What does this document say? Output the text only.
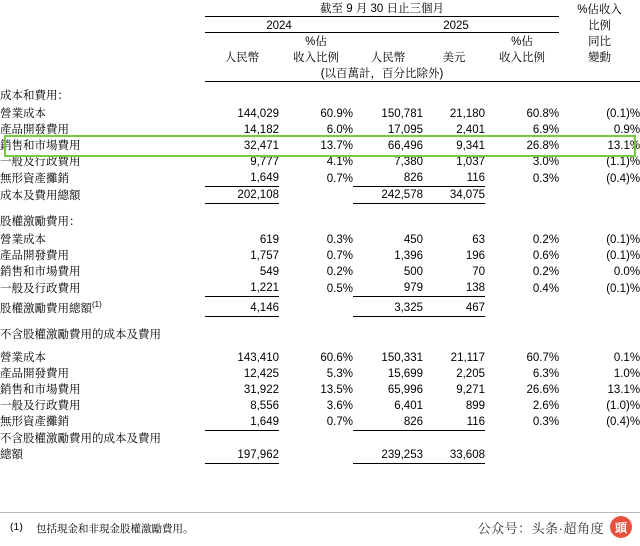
	截至 9 月 30 日止三個月					%佔收入
	2024		2025			比例
		%佔			%佔	同比
	人民幣	收入比例	人民幣	美元	收入比例	變動
	(以百萬計，百分比除外)					

成本和費用：						
營業成本	144,029	60.9%	150,781	21,180	60.8%	(0.1)%
產品開發費用	14,182	6.0%	17,095	2,401	6.9%	0.9%
銷售和市場費用	32,471	13.7%	66,496	9,341	26.8%	13.1%
一般及行政費用	9,777	4.1%	7,380	1,037	3.0%	(1.1)%
無形資產攤銷	1,649	0.7%	826	116	0.3%	(0.4)%
成本及費用總額	202,108		242,578	34,075		

股權激勵費用：						
營業成本	619	0.3%	450	63	0.2%	(0.1)%
產品開發費用	1,757	0.7%	1,396	196	0.6%	(0.1)%
銷售和市場費用	549	0.2%	500	70	0.2%	0.0%
一般及行政費用	1,221	0.5%	979	138	0.4%	(0.1)%
股權激勵費用總額$^{(1)}$	4,146		3,325	467		

不含股權激勵費用的成本及費用						

營業成本	143,410	60.6%	150,331	21,117	60.7%	0.1%
產品開發費用	12,425	5.3%	15,699	2,205	6.3%	1.0%
銷售和市場費用	31,922	13.5%	65,996	9,271	26.6%	13.1%
一般及行政費用	8,556	3.6%	6,401	899	2.6%	(1.0)%
無形資產攤銷	1,649	0.7%	826	116	0.3%	(0.4)%
不含股權激勵費用的成本及費用						
總額	197,962		239,253	33,608		
(1) 包括現金和非現金股權激勵費用。	公众号：头条·超角度 頭
